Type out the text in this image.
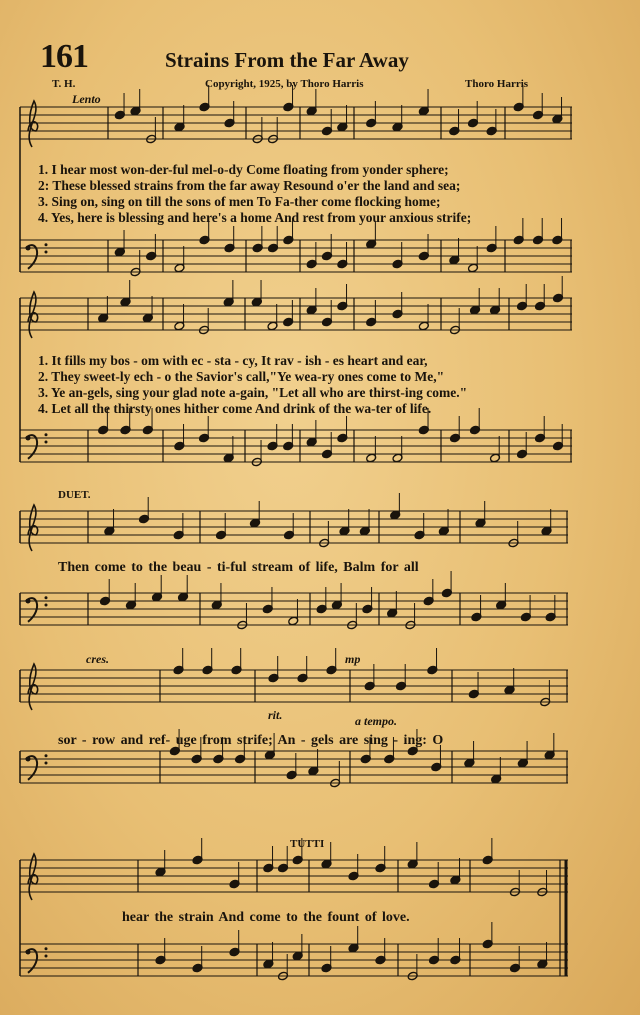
161	Strains From the Far Away
T. H.	Copyright, 1925, by Thoro Harris	Thoro Harris
Lento
1. I hear most won-der-ful mel-o-dy Come floating from yonder sphere;
2: These blessed strains from the far away Resound o'er the land and sea;
3. Sing on, sing on till the sons of men To Fa-ther come flocking home;
4. Yes, here is blessing and here's a home And rest from your anxious strife;
1. It fills my bos - om with ec - sta - cy, It rav - ish - es heart and ear,
2. They sweet-ly ech - o the Savior's call,"Ye wea-ry ones come to Me,"
3. Ye an-gels, sing your glad note a-gain, "Let all who are thirst-ing come."
4. Let all the thirsty ones hither come And drink of the wa-ter of life.
DUET.
Then come to the beau - ti-ful stream of life, Balm for all
cres.	mp
rit.	a tempo.
sor - row and ref- uge from strife; An - gels are sing - ing: O
TUTTI
hear the strain And come to the fount of love.
